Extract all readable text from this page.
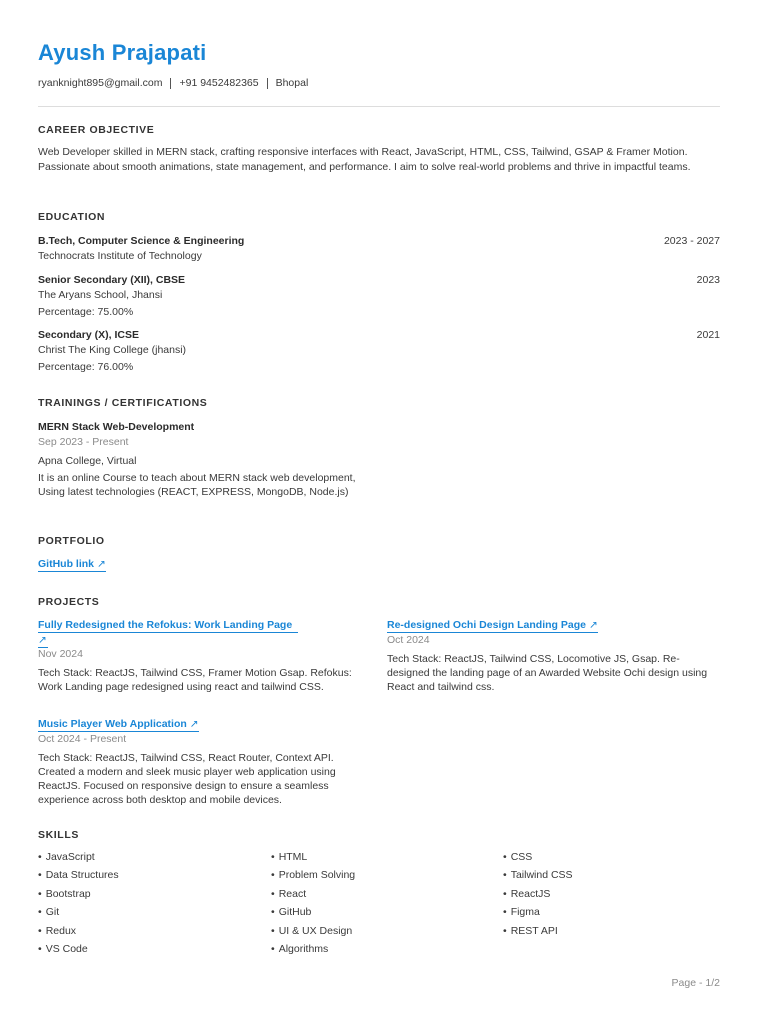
Ayush Prajapati
ryanknight895@gmail.com +91 9452482365 Bhopal
CAREER OBJECTIVE
Web Developer skilled in MERN stack, crafting responsive interfaces with React, JavaScript, HTML, CSS, Tailwind, GSAP & Framer Motion. Passionate about smooth animations, state management, and performance. I aim to solve real-world problems and thrive in impactful teams.
EDUCATION
B.Tech, Computer Science & Engineering	2023 - 2027
Technocrats Institute of Technology
Senior Secondary (XII), CBSE	2023
The Aryans School, Jhansi
Percentage: 75.00%
Secondary (X), ICSE	2021
Christ The King College (jhansi)
Percentage: 76.00%
TRAININGS / CERTIFICATIONS
MERN Stack Web-Development
Sep 2023 - Present
Apna College, Virtual
It is an online Course to teach about MERN stack web development, Using latest technologies (REACT, EXPRESS, MongoDB, Node.js)
PORTFOLIO
GitHub link ↗
PROJECTS
Fully Redesigned the Refokus: Work Landing Page
↗
Nov 2024
Tech Stack: ReactJS, Tailwind CSS, Framer Motion Gsap. Refokus: Work Landing page redesigned using react and tailwind CSS.
Re-designed Ochi Design Landing Page ↗
Oct 2024
Tech Stack: ReactJS, Tailwind CSS, Locomotive JS, Gsap. Re-designed the landing page of an Awarded Website Ochi design using React and tailwind css.
Music Player Web Application ↗
Oct 2024 - Present
Tech Stack: ReactJS, Tailwind CSS, React Router, Context API. Created a modern and sleek music player web application using ReactJS. Focused on responsive design to ensure a seamless experience across both desktop and mobile devices.
SKILLS
• JavaScript
• Data Structures
• Bootstrap
• Git
• Redux
• VS Code
• HTML
• Problem Solving
• React
• GitHub
• UI & UX Design
• Algorithms
• CSS
• Tailwind CSS
• ReactJS
• Figma
• REST API
Page - 1/2
